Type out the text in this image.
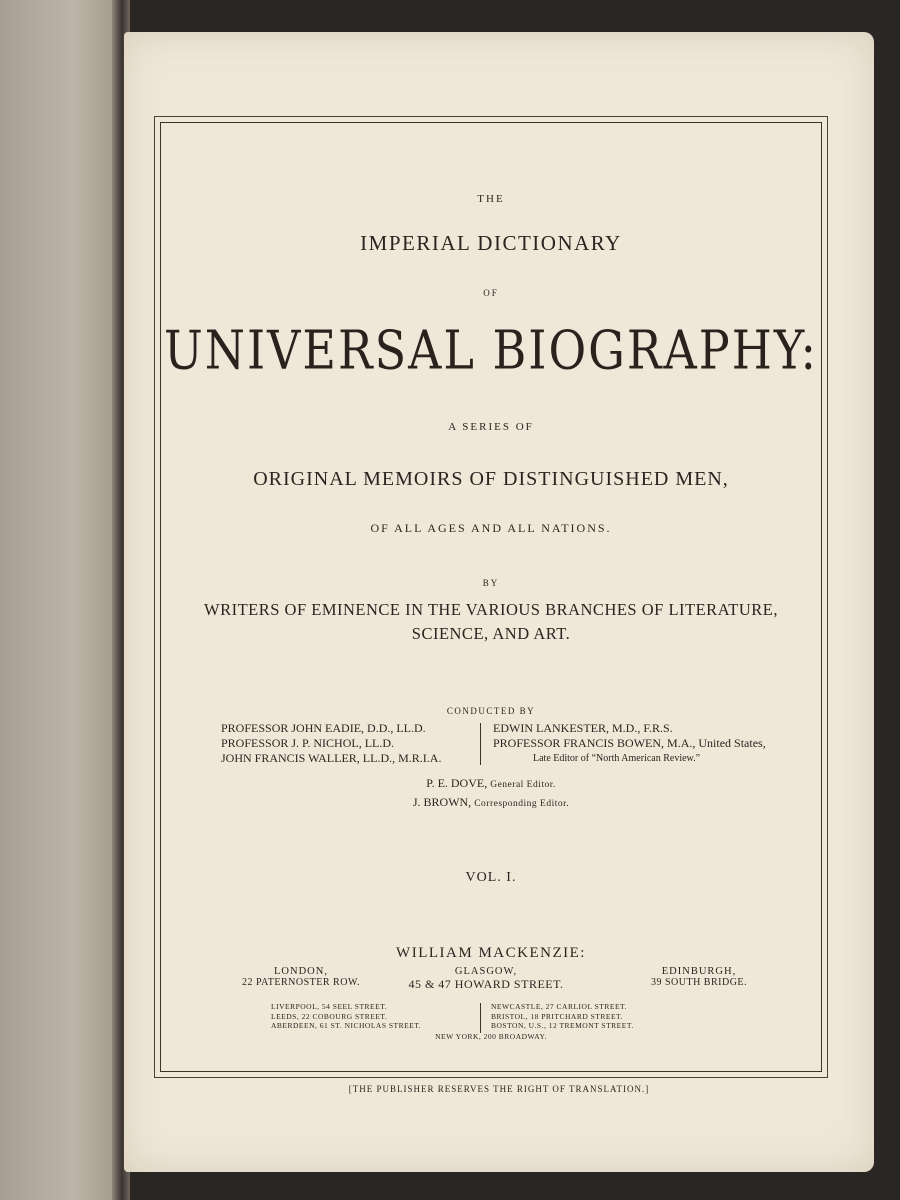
THE
IMPERIAL DICTIONARY
OF
UNIVERSAL BIOGRAPHY:
A SERIES OF
ORIGINAL MEMOIRS OF DISTINGUISHED MEN,
OF ALL AGES AND ALL NATIONS.
BY
WRITERS OF EMINENCE IN THE VARIOUS BRANCHES OF LITERATURE,
SCIENCE, AND ART.
CONDUCTED BY
PROFESSOR JOHN EADIE, D.D., LL.D.
PROFESSOR J. P. NICHOL, LL.D.
JOHN FRANCIS WALLER, LL.D., M.R.I.A.
EDWIN LANKESTER, M.D., F.R.S.
PROFESSOR FRANCIS BOWEN, M.A., United States,
Late Editor of “North American Review.”
P. E. DOVE, General Editor.
J. BROWN, Corresponding Editor.
VOL. I.
WILLIAM MACKENZIE:
LONDON,
22 PATERNOSTER ROW.
GLASGOW,
45 & 47 HOWARD STREET.
EDINBURGH,
39 SOUTH BRIDGE.
LIVERPOOL, 54 SEEL STREET.
LEEDS, 22 COBOURG STREET.
ABERDEEN, 61 ST. NICHOLAS STREET.
NEWCASTLE, 27 CARLIOL STREET.
BRISTOL, 18 PRITCHARD STREET.
BOSTON, U.S., 12 TREMONT STREET.
NEW YORK, 200 BROADWAY.
[THE PUBLISHER RESERVES THE RIGHT OF TRANSLATION.]
